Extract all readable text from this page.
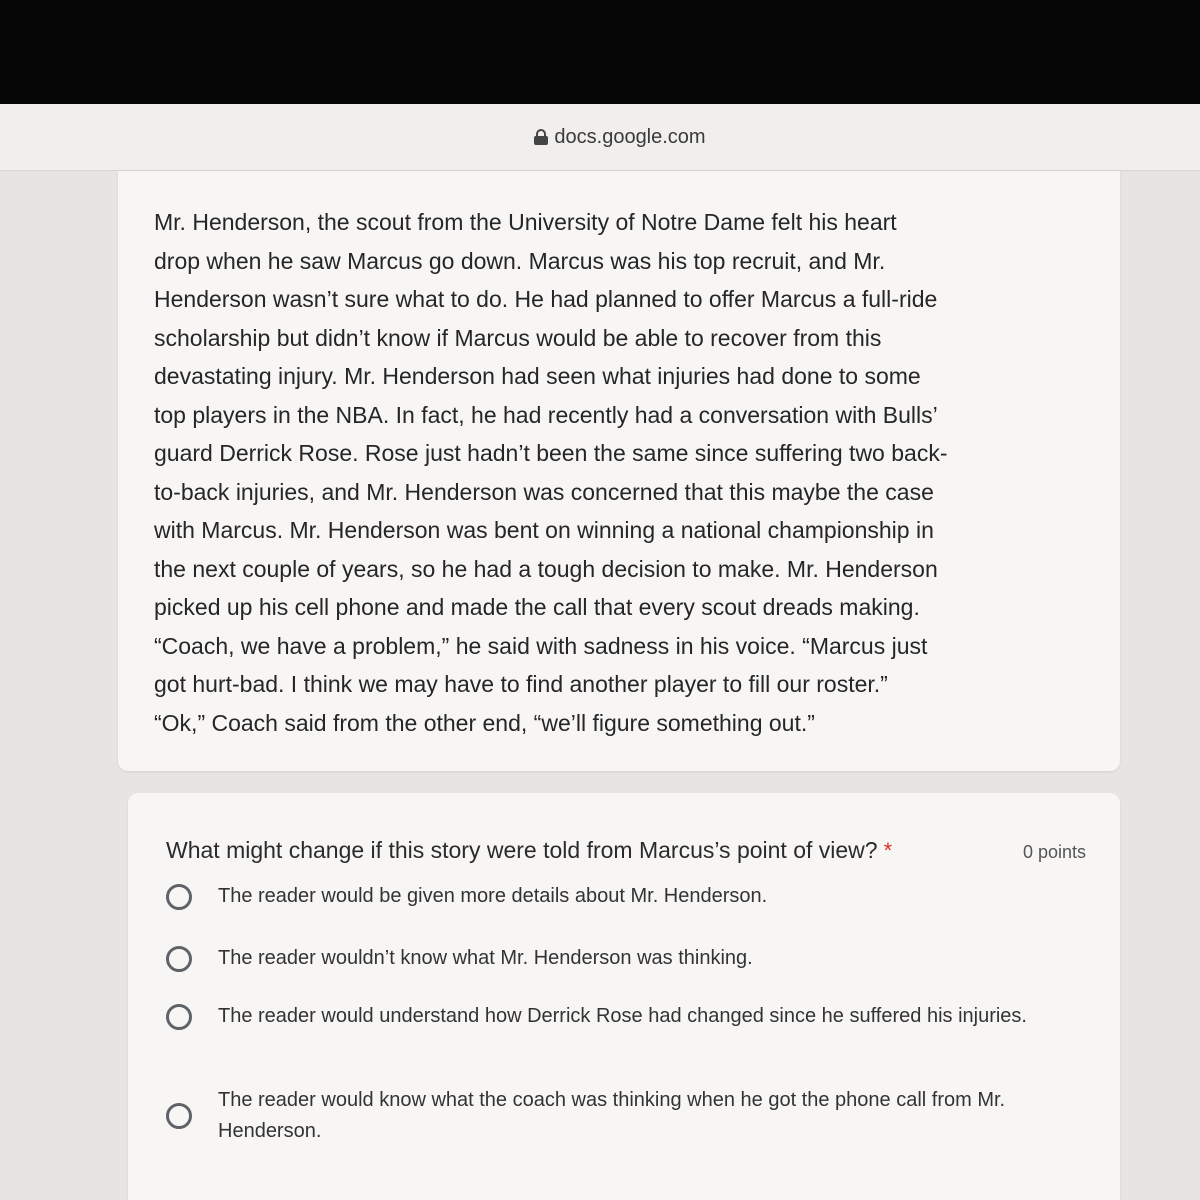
docs.google.com

Mr. Henderson, the scout from the University of Notre Dame felt his heart
drop when he saw Marcus go down. Marcus was his top recruit, and Mr.
Henderson wasn’t sure what to do. He had planned to offer Marcus a full-ride
scholarship but didn’t know if Marcus would be able to recover from this
devastating injury. Mr. Henderson had seen what injuries had done to some
top players in the NBA. In fact, he had recently had a conversation with Bulls’
guard Derrick Rose. Rose just hadn’t been the same since suffering two back-
to-back injuries, and Mr. Henderson was concerned that this maybe the case
with Marcus. Mr. Henderson was bent on winning a national championship in
the next couple of years, so he had a tough decision to make. Mr. Henderson
picked up his cell phone and made the call that every scout dreads making.
“Coach, we have a problem,” he said with sadness in his voice. “Marcus just
got hurt-bad. I think we may have to find another player to fill our roster.”
“Ok,” Coach said from the other end, “we’ll figure something out.”

What might change if this story were told from Marcus’s point of view? *	0 points
The reader would be given more details about Mr. Henderson.
The reader wouldn’t know what Mr. Henderson was thinking.
The reader would understand how Derrick Rose had changed since he suffered his injuries.
The reader would know what the coach was thinking when he got the phone call from Mr. Henderson.
